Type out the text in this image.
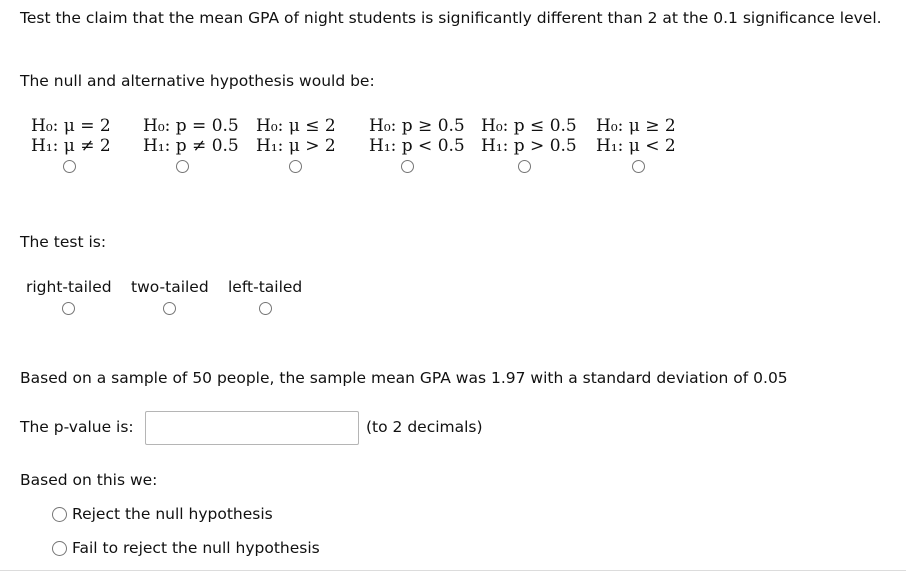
Test the claim that the mean GPA of night students is significantly different than 2 at the 0.1 significance level.
The null and alternative hypothesis would be:
H₀: μ = 2
H₁: μ ≠ 2
H₀: p = 0.5
H₁: p ≠ 0.5
H₀: μ ≤ 2
H₁: μ > 2
H₀: p ≥ 0.5
H₁: p < 0.5
H₀: p ≤ 0.5
H₁: p > 0.5
H₀: μ ≥ 2
H₁: μ < 2
The test is:
right-tailed two-tailed left-tailed
Based on a sample of 50 people, the sample mean GPA was 1.97 with a standard deviation of 0.05
The p-value is:	(to 2 decimals)
Based on this we:
Reject the null hypothesis
Fail to reject the null hypothesis
